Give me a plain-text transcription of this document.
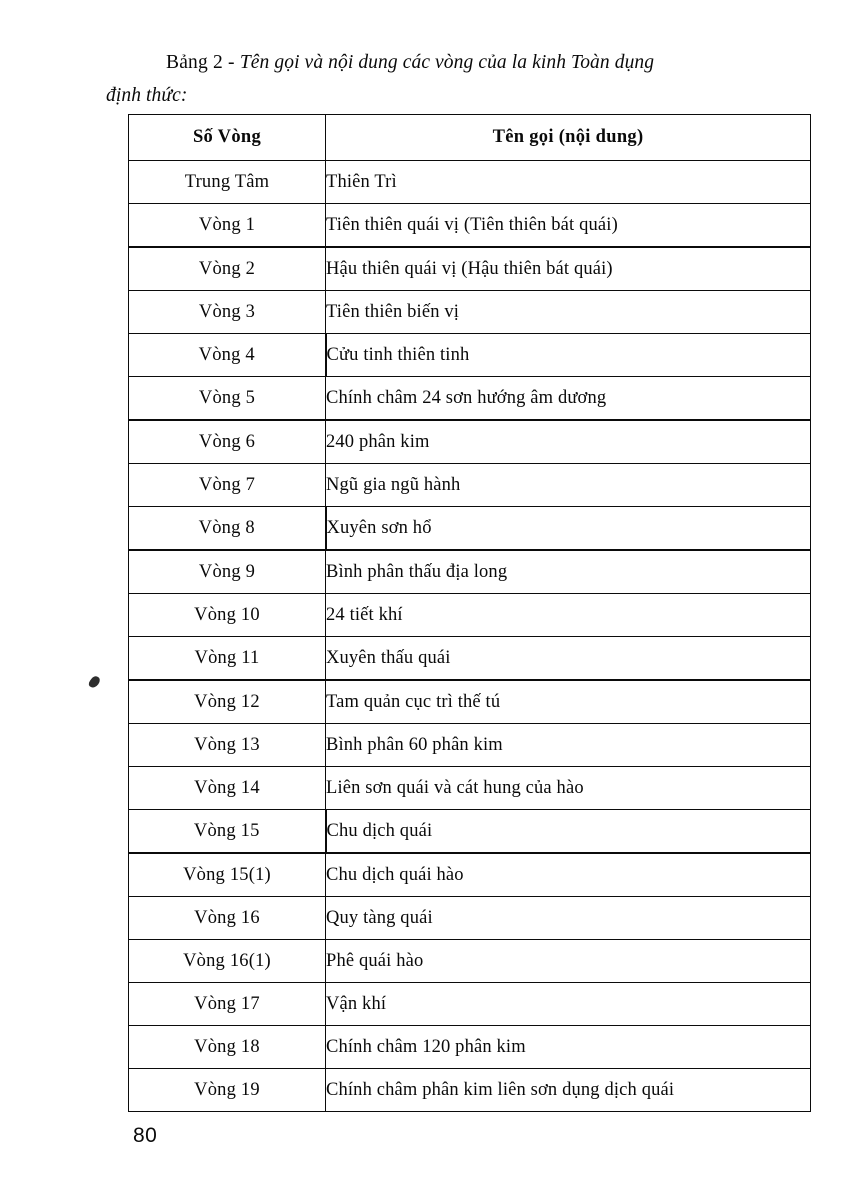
Bảng 2 - Tên gọi và nội dung các vòng của la kinh Toàn dụng
định thức:
Số Vòng	Tên gọi (nội dung)
Trung Tâm	Thiên Trì
Vòng 1	Tiên thiên quái vị (Tiên thiên bát quái)
Vòng 2	Hậu thiên quái vị (Hậu thiên bát quái)
Vòng 3	Tiên thiên biến vị
Vòng 4	Cửu tinh thiên tinh
Vòng 5	Chính châm 24 sơn hướng âm dương
Vòng 6	240 phân kim
Vòng 7	Ngũ gia ngũ hành
Vòng 8	Xuyên sơn hổ
Vòng 9	Bình phân thấu địa long
Vòng 10	24 tiết khí
Vòng 11	Xuyên thấu quái
Vòng 12	Tam quản cục trì thế tú
Vòng 13	Bình phân 60 phân kim
Vòng 14	Liên sơn quái và cát hung của hào
Vòng 15	Chu dịch quái
Vòng 15(1)	Chu dịch quái hào
Vòng 16	Quy tàng quái
Vòng 16(1)	Phê quái hào
Vòng 17	Vận khí
Vòng 18	Chính châm 120 phân kim
Vòng 19	Chính châm phân kim liên sơn dụng dịch quái
80
